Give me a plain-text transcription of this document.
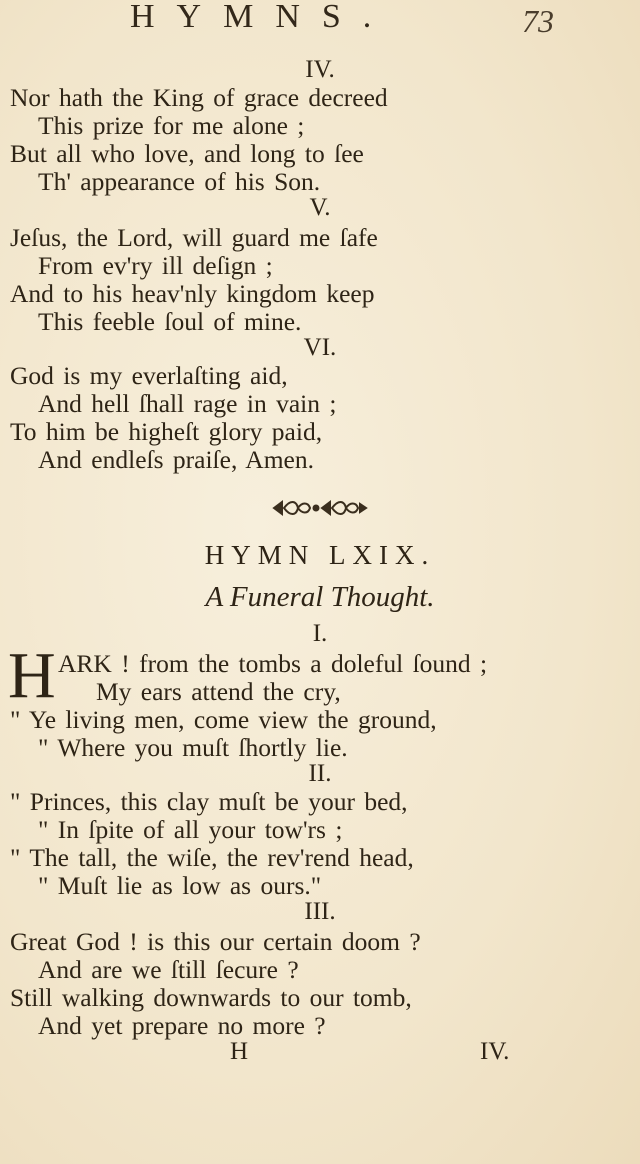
HYMNS.	73
IV.
Nor hath the King of grace decreed
This prize for me alone ;
But all who love, and long to ſee
Th' appearance of his Son.
V.
Jeſus, the Lord, will guard me ſafe
From ev'ry ill deſign ;
And to his heav'nly kingdom keep
This feeble ſoul of mine.
VI.
God is my everlaſting aid,
And hell ſhall rage in vain ;
To him be higheſt glory paid,
And endleſs praiſe, Amen.
HYMN LXIX.
A Funeral Thought.
I.
H ARK ! from the tombs a doleful ſound ;
My ears attend the cry,
" Ye living men, come view the ground,
" Where you muſt ſhortly lie.
II.
" Princes, this clay muſt be your bed,
" In ſpite of all your tow'rs ;
" The tall, the wiſe, the rev'rend head,
" Muſt lie as low as ours."
III.
Great God ! is this our certain doom ?
And are we ſtill ſecure ?
Still walking downwards to our tomb,
And yet prepare no more ?
H	IV.
